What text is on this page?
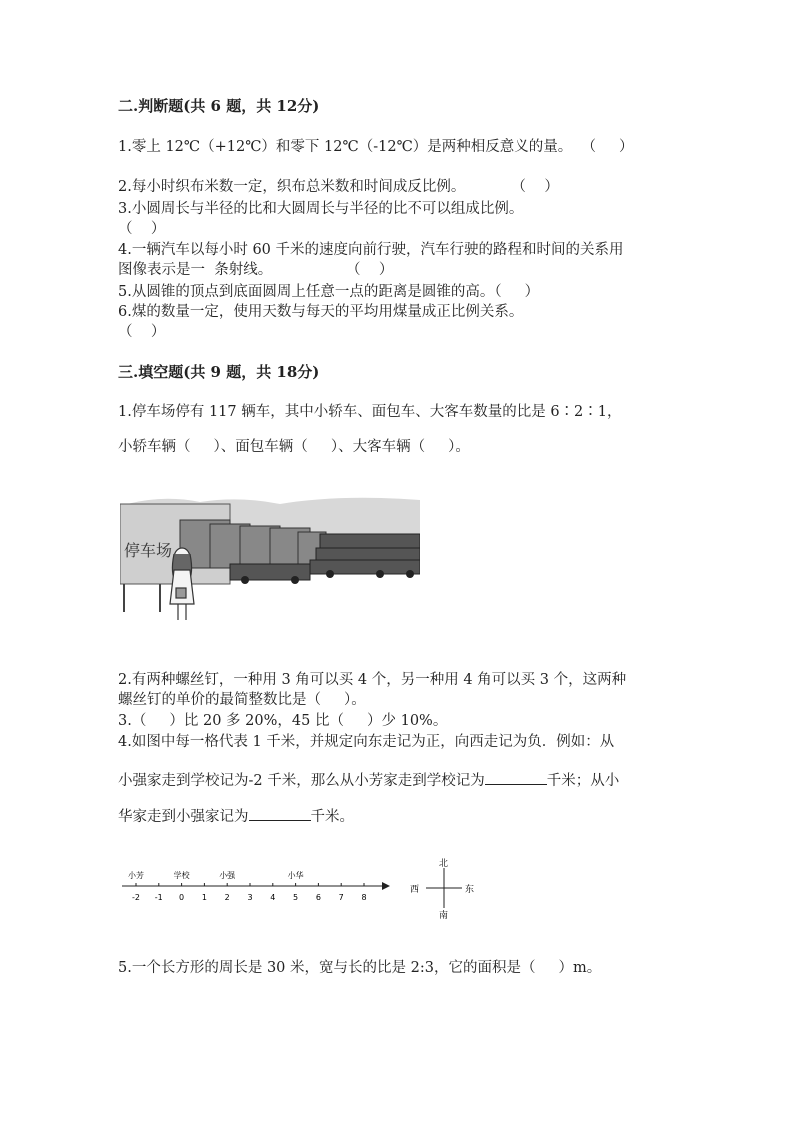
二.判断题(共 6 题，共 12分)
1.零上 12℃（+12℃）和零下 12℃（-12℃）是两种相反意义的量。  （     ）
2.每小时织布米数一定，织布总米数和时间成反比例。          （    ）
3.小圆周长与半径的比和大圆周长与半径的比不可以组成比例。
（    ）
4.一辆汽车以每小时 60 千米的速度向前行驶，汽车行驶的路程和时间的关系用
图像表示是一  条射线。                （    ）
5.从圆锥的顶点到底面圆周上任意一点的距离是圆锥的高。（     ）
6.煤的数量一定，使用天数与每天的平均用煤量成正比例关系。
（    ）
三.填空题(共 9 题，共 18分)
1.停车场停有 117 辆车，其中小轿车、面包车、大客车数量的比是 6∶2∶1，
小轿车辆（     ）、面包车辆（     ）、大客车辆（     ）。
停车场
2.有两种螺丝钉，一种用 3 角可以买 4 个，另一种用 4 角可以买 3 个，这两种
螺丝钉的单价的最简整数比是（     ）。
3.（     ）比 20 多 20%，45 比（     ）少 10%。
4.如图中每一格代表 1 千米，并规定向东走记为正，向西走记为负．例如：从
小强家走到学校记为-2 千米，那么从小芳家走到学校记为	千米；从小
华家走到小强家记为	千米。
-2 -1 0 1 2 3 4 5 6 7 8
小芳	学校	小强	小华
北
南
东
西
5.一个长方形的周长是 30 米，宽与长的比是 2:3，它的面积是（     ）m。
